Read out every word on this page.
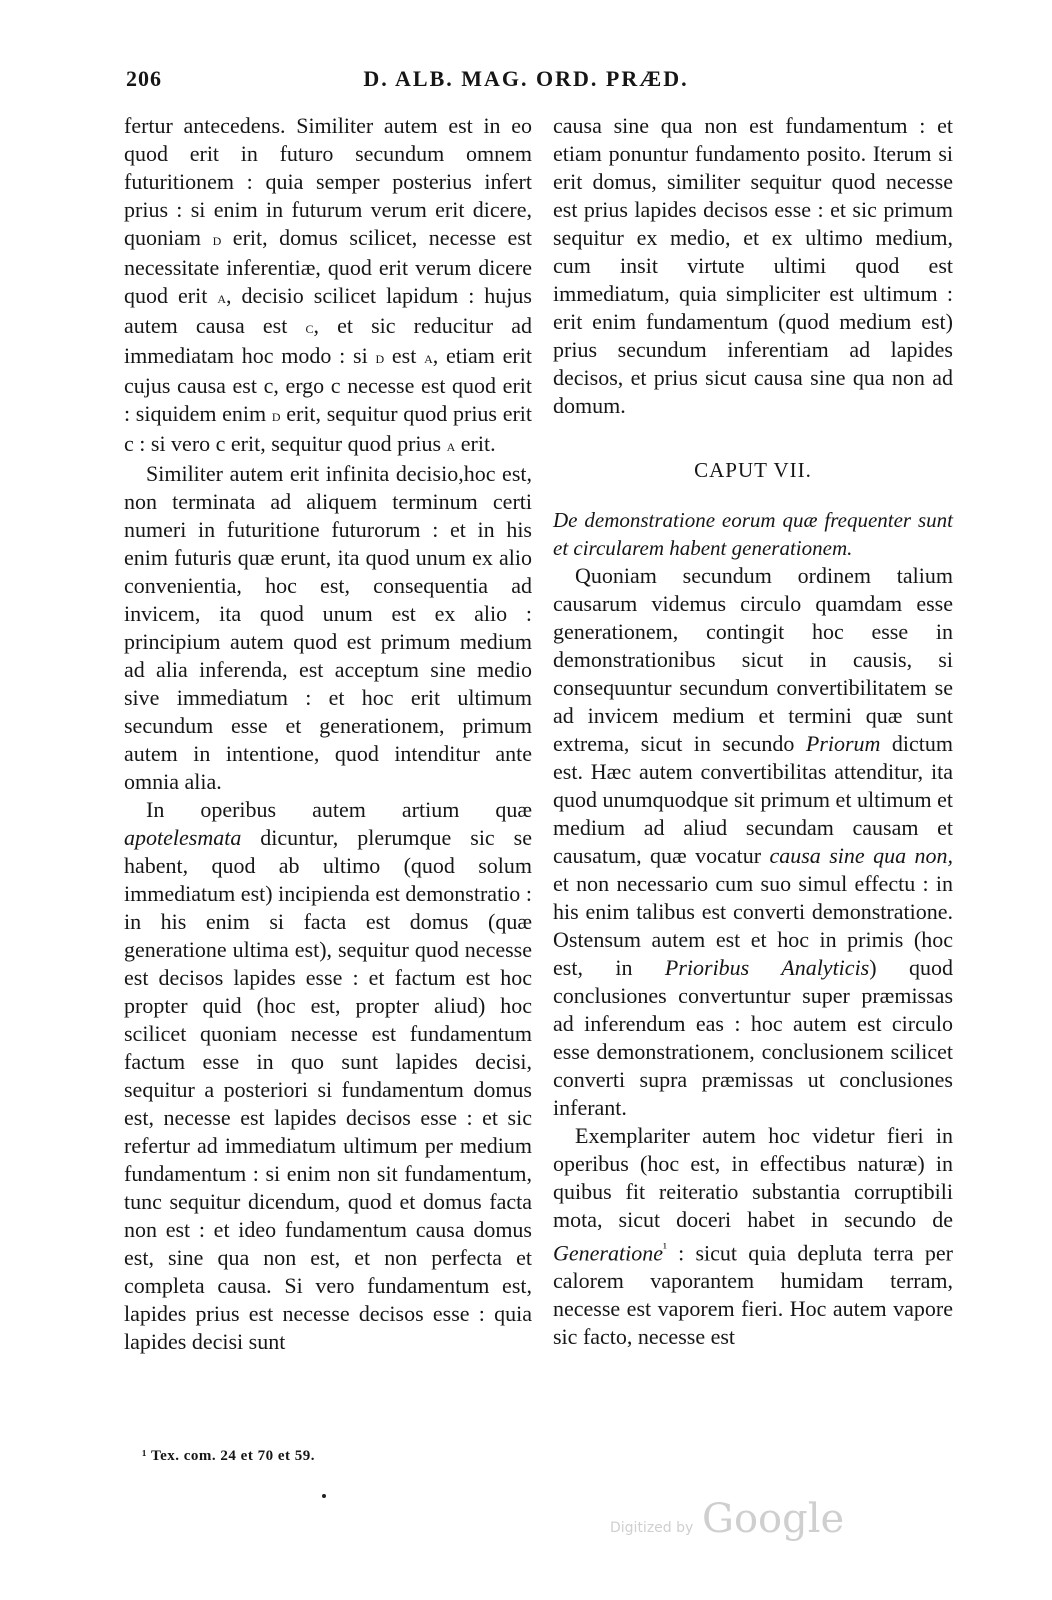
206	D. ALB. MAG. ORD. PRÆD.

fertur antecedens. Similiter autem est in eo quod erit in futuro secundum omnem futuritionem : quia semper posterius infert prius : si enim in futurum verum erit dicere, quoniam d erit, domus scilicet, necesse est necessitate inferentiæ, quod erit verum dicere quod erit a, decisio scilicet lapidum : hujus autem causa est c, et sic reducitur ad immediatam hoc modo : si d est a, etiam erit cujus causa est c, ergo c necesse est quod erit : siquidem enim d erit, sequitur quod prius erit c : si vero c erit, sequitur quod prius a erit.

Similiter autem erit infinita decisio,hoc est, non terminata ad aliquem terminum certi numeri in futuritione futurorum : et in his enim futuris quæ erunt, ita quod unum ex alio convenientia, hoc est, consequentia ad invicem, ita quod unum est ex alio : principium autem quod est primum medium ad alia inferenda, est acceptum sine medio sive immediatum : et hoc erit ultimum secundum esse et generationem, primum autem in intentione, quod intenditur ante omnia alia.

In operibus autem artium quæ apotelesmata dicuntur, plerumque sic se habent, quod ab ultimo (quod solum immediatum est) incipienda est demonstratio : in his enim si facta est domus (quæ generatione ultima est), sequitur quod necesse est decisos lapides esse : et factum est hoc propter quid (hoc est, propter aliud) hoc scilicet quoniam necesse est fundamentum factum esse in quo sunt lapides decisi, sequitur a posteriori si fundamentum domus est, necesse est lapides decisos esse : et sic refertur ad immediatum ultimum per medium fundamentum : si enim non sit fundamentum, tunc sequitur dicendum, quod et domus facta non est : et ideo fundamentum causa domus est, sine qua non est, et non perfecta et completa causa. Si vero fundamentum est, lapides prius est necesse decisos esse : quia lapides decisi sunt

causa sine qua non est fundamentum : et etiam ponuntur fundamento posito. Iterum si erit domus, similiter sequitur quod necesse est prius lapides decisos esse : et sic primum sequitur ex medio, et ex ultimo medium, cum insit virtute ultimi quod est immediatum, quia simpliciter est ultimum : erit enim fundamentum (quod medium est) prius secundum inferentiam ad lapides decisos, et prius sicut causa sine qua non ad domum.

CAPUT VII.

De demonstratione eorum quæ frequenter sunt et circularem habent generationem.

Quoniam secundum ordinem talium causarum videmus circulo quamdam esse generationem, contingit hoc esse in demonstrationibus sicut in causis, si consequuntur secundum convertibilitatem se ad invicem medium et termini quæ sunt extrema, sicut in secundo Priorum dictum est. Hæc autem convertibilitas attenditur, ita quod unumquodque sit primum et ultimum et medium ad aliud secundam causam et causatum, quæ vocatur causa sine qua non, et non necessario cum suo simul effectu : in his enim talibus est converti demonstratione. Ostensum autem est et hoc in primis (hoc est, in Prioribus Analyticis) quod conclusiones convertuntur super præmissas ad inferendum eas : hoc autem est circulo esse demonstrationem, conclusionem scilicet converti supra præmissas ut conclusiones inferant.

Exemplariter autem hoc videtur fieri in operibus (hoc est, in effectibus naturæ) in quibus fit reiteratio substantia corruptibili mota, sicut doceri habet in secundo de Generatione$^{^1}$ : sicut quia depluta terra per calorem vaporantem humidam terram, necesse est vaporem fieri. Hoc autem vapore sic facto, necesse est

¹ Tex. com. 24 et 70 et 59.
Digitized by Google
